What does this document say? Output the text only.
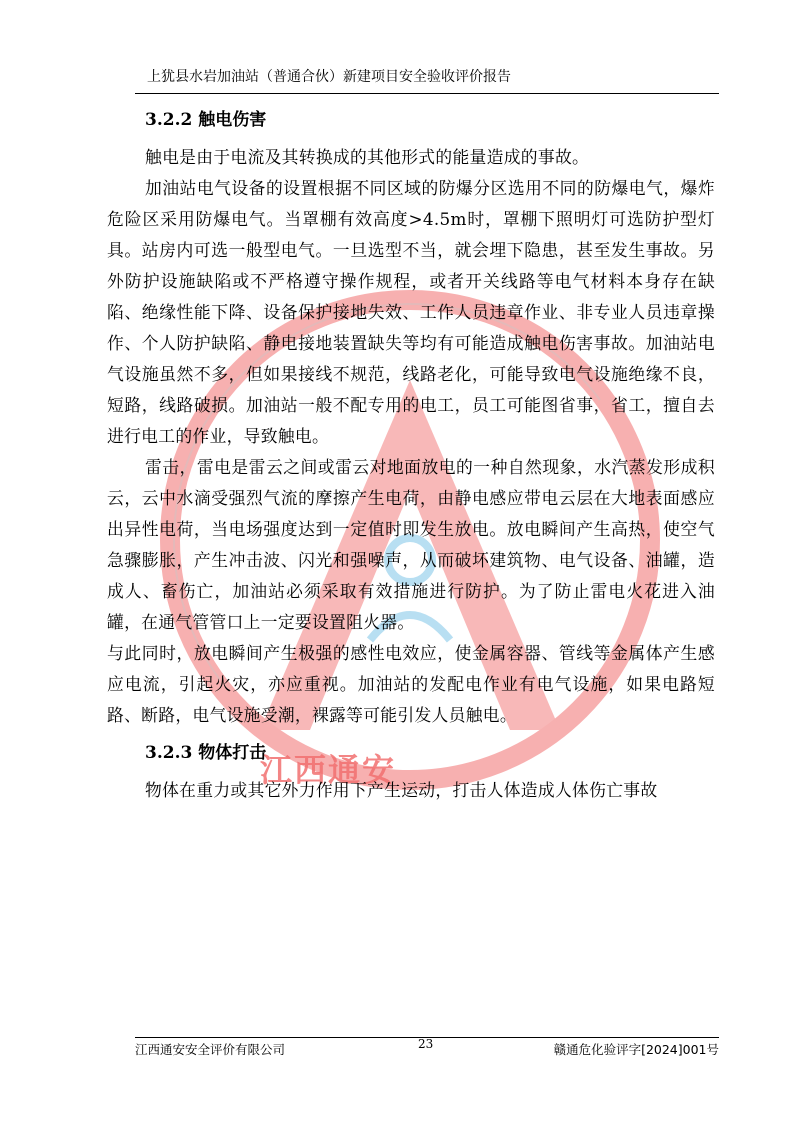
上犹县水岩加油站（普通合伙）新建项目安全验收评价报告
江西通安
3.2.2 触电伤害

触电是由于电流及其转换成的其他形式的能量造成的事故。

加油站电气设备的设置根据不同区域的防爆分区选用不同的防爆电气，爆炸危险区采用防爆电气。当罩棚有效高度>4.5m时，罩棚下照明灯可选防护型灯具。站房内可选一般型电气。一旦选型不当，就会埋下隐患，甚至发生事故。另外防护设施缺陷或不严格遵守操作规程，或者开关线路等电气材料本身存在缺陷、绝缘性能下降、设备保护接地失效、工作人员违章作业、非专业人员违章操作、个人防护缺陷、静电接地装置缺失等均有可能造成触电伤害事故。加油站电气设施虽然不多，但如果接线不规范，线路老化，可能导致电气设施绝缘不良，短路，线路破损。加油站一般不配专用的电工，员工可能图省事，省工，擅自去进行电工的作业，导致触电。

雷击，雷电是雷云之间或雷云对地面放电的一种自然现象，水汽蒸发形成积云，云中水滴受强烈气流的摩擦产生电荷，由静电感应带电云层在大地表面感应出异性电荷，当电场强度达到一定值时即发生放电。放电瞬间产生高热，使空气急骤膨胀，产生冲击波、闪光和强噪声，从而破坏建筑物、电气设备、油罐，造成人、畜伤亡，加油站必须采取有效措施进行防护。为了防止雷电火花进入油罐，在通气管管口上一定要设置阻火器。

与此同时，放电瞬间产生极强的感性电效应，使金属容器、管线等金属体产生感应电流，引起火灾，亦应重视。加油站的发配电作业有电气设施，如果电路短路、断路，电气设施受潮，裸露等可能引发人员触电。

3.2.3 物体打击

物体在重力或其它外力作用下产生运动，打击人体造成人体伤亡事故

江西通安安全评价有限公司	23	赣通危化验评字[2024]001号
